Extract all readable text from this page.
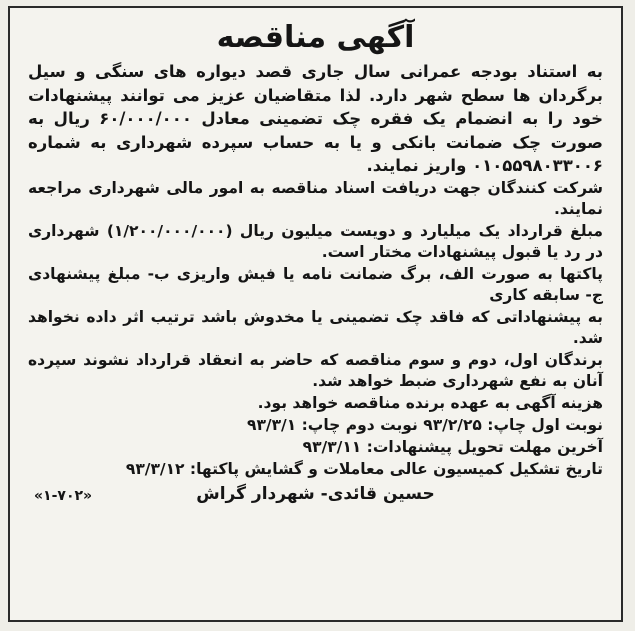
آگهی مناقصه

به استناد بودجه عمرانی سال جاری قصد دیواره های سنگی و سیل برگردان ها سطح شهر دارد. لذا متقاضیان عزیز می توانند پیشنهادات خود را به انضمام یک فقره چک تضمینی معادل ۶۰/۰۰۰/۰۰۰ ریال به صورت چک ضمانت بانکی و یا به حساب سپرده شهرداری به شماره ۰۱۰۵۵۹۸۰۳۳۰۰۶ واریز نمایند.

شرکت کنندگان جهت دریافت اسناد مناقصه به امور مالی شهرداری مراجعه نمایند.

مبلغ قرارداد یک میلیارد و دویست میلیون ریال (۱/۲۰۰/۰۰۰/۰۰۰) شهرداری در رد یا قبول پیشنهادات مختار است.

پاکتها به صورت الف، برگ ضمانت نامه یا فیش واریزی ب- مبلغ پیشنهادی ج- سابقه کاری

به پیشنهاداتی که فاقد چک تضمینی یا مخدوش باشد ترتیب اثر داده نخواهد شد.

برندگان اول، دوم و سوم مناقصه که حاضر به انعقاد قرارداد نشوند سپرده آنان به نفع شهرداری ضبط خواهد شد.

هزینه آگهی به عهده برنده مناقصه خواهد بود.

نوبت اول چاپ: ۹۳/۲/۲۵ نوبت دوم چاپ: ۹۳/۳/۱

آخرین مهلت تحویل پیشنهادات: ۹۳/۳/۱۱

تاریخ تشکیل کمیسیون عالی معاملات و گشایش پاکتها: ۹۳/۳/۱۲

حسین قائدی- شهردار گراش
«۱-۷۰۲»
